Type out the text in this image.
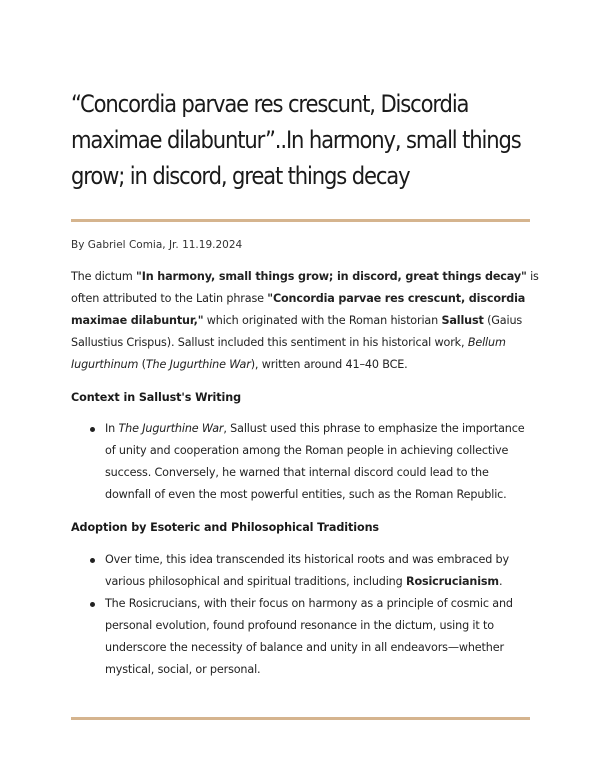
“Concordia parvae res crescunt, Discordia
maximae dilabuntur”..In harmony, small things
grow; in discord, great things decay
By Gabriel Comia, Jr. 11.19.2024
The dictum "In harmony, small things grow; in discord, great things decay" is
often attributed to the Latin phrase "Concordia parvae res crescunt, discordia
maximae dilabuntur," which originated with the Roman historian Sallust (Gaius
Sallustius Crispus). Sallust included this sentiment in his historical work, Bellum
Iugurthinum (The Jugurthine War), written around 41–40 BCE.
Context in Sallust's Writing
In The Jugurthine War, Sallust used this phrase to emphasize the importance
of unity and cooperation among the Roman people in achieving collective
success. Conversely, he warned that internal discord could lead to the
downfall of even the most powerful entities, such as the Roman Republic.
Adoption by Esoteric and Philosophical Traditions
Over time, this idea transcended its historical roots and was embraced by
various philosophical and spiritual traditions, including Rosicrucianism.
The Rosicrucians, with their focus on harmony as a principle of cosmic and
personal evolution, found profound resonance in the dictum, using it to
underscore the necessity of balance and unity in all endeavors—whether
mystical, social, or personal.
